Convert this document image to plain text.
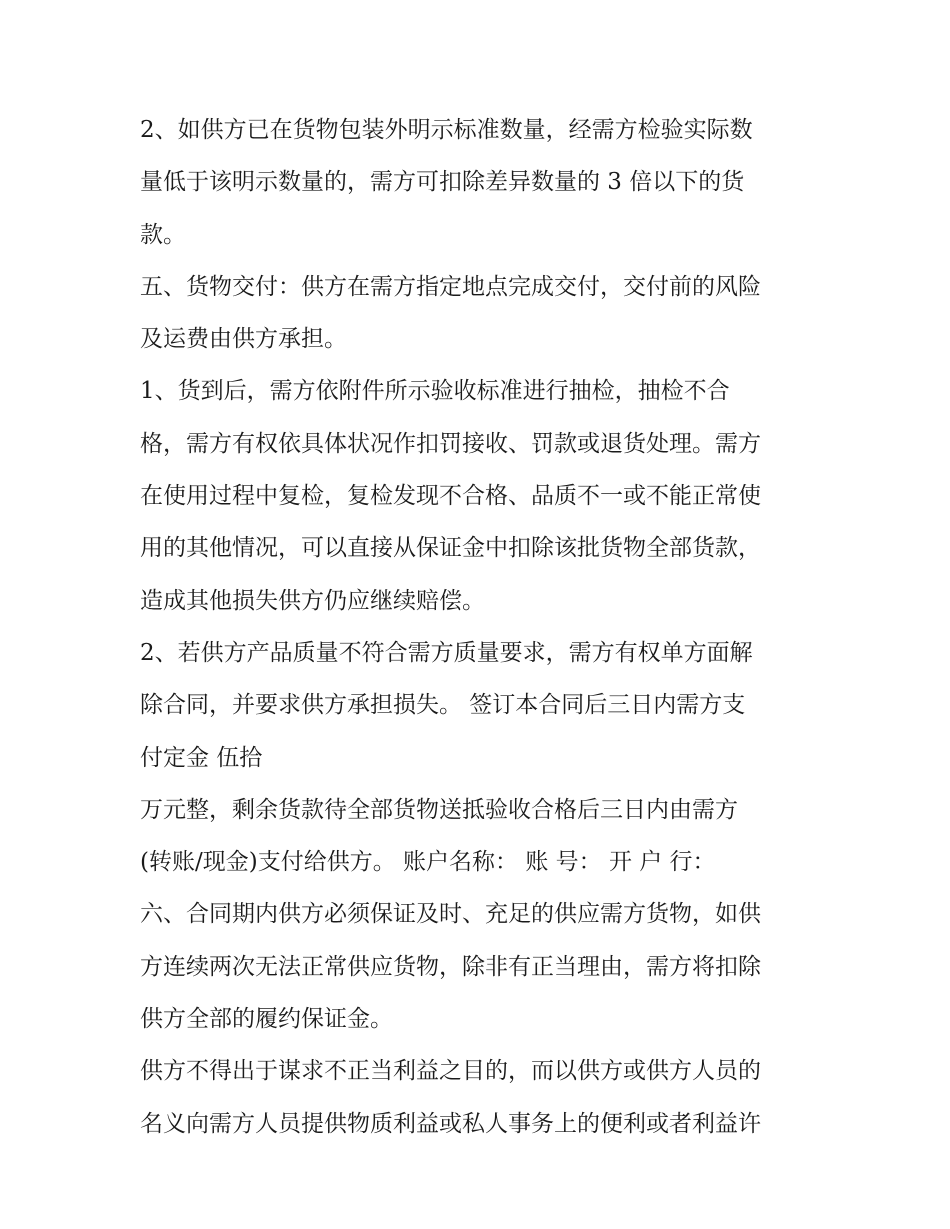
2、如供方已在货物包装外明示标准数量，经需方检验实际数
量低于该明示数量的，需方可扣除差异数量的 3 倍以下的货
款。
五、货物交付：供方在需方指定地点完成交付，交付前的风险
及运费由供方承担。
1、货到后，需方依附件所示验收标准进行抽检，抽检不合
格，需方有权依具体状况作扣罚接收、罚款或退货处理。需方
在使用过程中复检，复检发现不合格、品质不一或不能正常使
用的其他情况，可以直接从保证金中扣除该批货物全部货款，
造成其他损失供方仍应继续赔偿。
2、若供方产品质量不符合需方质量要求，需方有权单方面解
除合同，并要求供方承担损失。 签订本合同后三日内需方支
付定金 伍拾
万元整，剩余货款待全部货物送抵验收合格后三日内由需方
(转账/现金)支付给供方。 账户名称： 账 号： 开 户 行：
六、合同期内供方必须保证及时、充足的供应需方货物，如供
方连续两次无法正常供应货物，除非有正当理由，需方将扣除
供方全部的履约保证金。
供方不得出于谋求不正当利益之目的，而以供方或供方人员的
名义向需方人员提供物质利益或私人事务上的便利或者利益许
